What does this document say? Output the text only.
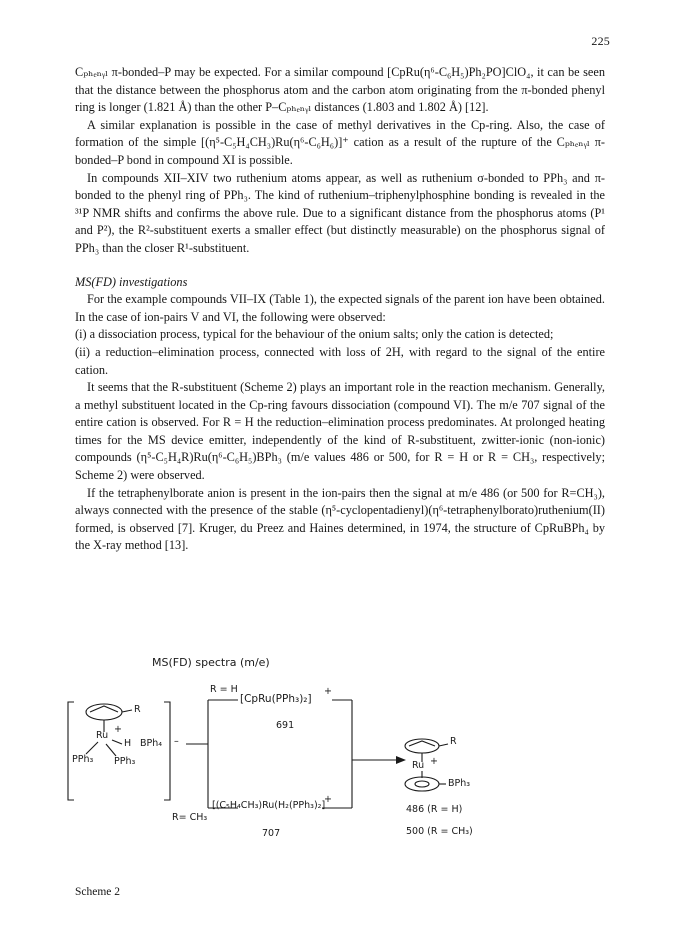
225

Cₚₕₑₙᵧₗ π-bonded–P may be expected. For a similar compound [CpRu(η⁶-C₆H₅)Ph₂PO]ClO₄, it can be seen that the distance between the phosphorus atom and the carbon atom originating from the π-bonded phenyl ring is longer (1.821 Å) than the other P–Cₚₕₑₙᵧₗ distances (1.803 and 1.802 Å) [12].

A similar explanation is possible in the case of methyl derivatives in the Cp-ring. Also, the case of formation of the simple [(η⁵-C₅H₄CH₃)Ru(η⁶-C₆H₆)]⁺ cation as a result of the rupture of the Cₚₕₑₙᵧₗ π-bonded–P bond in compound XI is possible.

In compounds XII–XIV two ruthenium atoms appear, as well as ruthenium σ-bonded to PPh₃ and π-bonded to the phenyl ring of PPh₃. The kind of ruthenium–triphenylphosphine bonding is revealed in the ³¹P NMR shifts and confirms the above rule. Due to a significant distance from the phosphorus atoms (P¹ and P²), the R²-substituent exerts a smaller effect (but distinctly measurable) on the phosphorus signal of PPh₃ than the closer R¹-substituent.

MS(FD) investigations

For the example compounds VII–IX (Table 1), the expected signals of the parent ion have been obtained. In the case of ion-pairs V and VI, the following were observed:

(i) a dissociation process, typical for the behaviour of the onium salts; only the cation is detected;

(ii) a reduction–elimination process, connected with loss of 2H, with regard to the signal of the entire cation.

It seems that the R-substituent (Scheme 2) plays an important role in the reaction mechanism. Generally, a methyl substituent located in the Cp-ring favours dissociation (compound VI). The m/e 707 signal of the entire cation is observed. For R = H the reduction–elimination process predominates. At prolonged heating times for the MS device emitter, independently of the kind of R-substituent, zwitter-ionic (non-ionic) compounds (η⁵-C₅H₄R)Ru(η⁶-C₆H₅)BPh₃ (m/e values 486 or 500, for R = H or R = CH₃, respectively; Scheme 2) were observed.

If the tetraphenylborate anion is present in the ion-pairs then the signal at m/e 486 (or 500 for R=CH₃), always connected with the presence of the stable (η⁵-cyclopentadienyl)(η⁶-tetraphenylborato)ruthenium(II) formed, is observed [7]. Kruger, du Preez and Haines determined, in 1974, the structure of CpRuBPh₄ by the X-ray method [13].

MS(FD) spectra (m/e)
R
Ru
+
H BPh₄ –
PPh₃ PPh₃
R = H
[CpRu(PPh₃)₂]
+
691
R= CH₃
[(C₅H₄CH₃)Ru(H₂(PPh₃)₂]
+
707
R
Ru +
BPh₃
486 (R = H)
500 (R = CH₃)
Scheme 2
